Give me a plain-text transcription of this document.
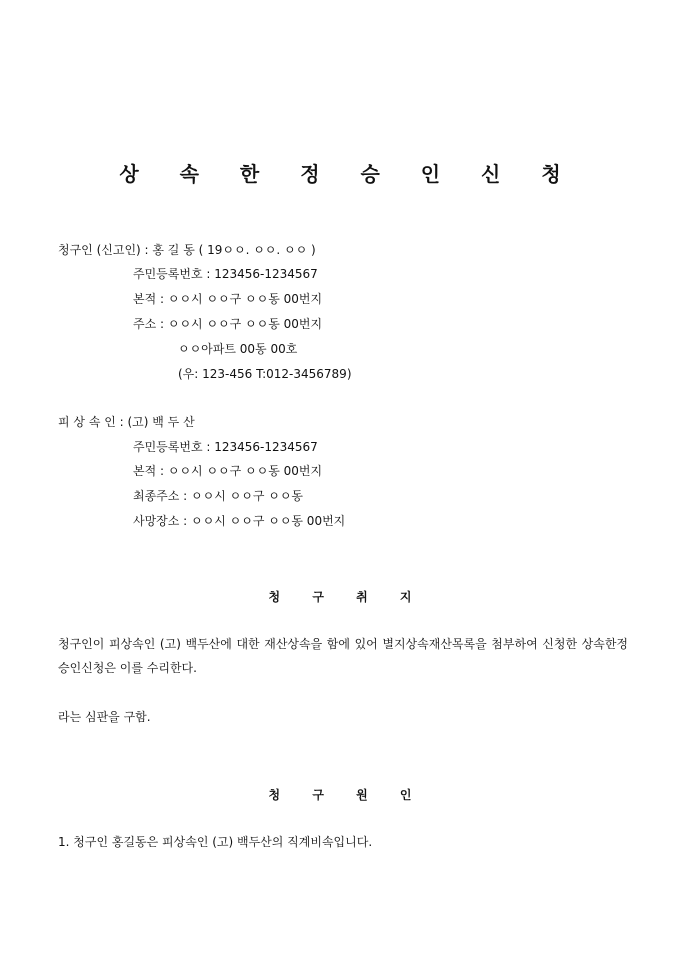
상 속 한 정 승 인 신 청
청구인 (신고인) : 홍 길 동 ( 19ㅇㅇ. ㅇㅇ. ㅇㅇ )
주민등록번호 : 123456-1234567
본적 : ㅇㅇ시 ㅇㅇ구 ㅇㅇ동 00번지
주소 : ㅇㅇ시 ㅇㅇ구 ㅇㅇ동 00번지
ㅇㅇ아파트 00동 00호
(우: 123-456 T:012-3456789)
피 상 속 인 : (고) 백 두 산
주민등록번호 : 123456-1234567
본적 : ㅇㅇ시 ㅇㅇ구 ㅇㅇ동 00번지
최종주소 : ㅇㅇ시 ㅇㅇ구 ㅇㅇ동
사망장소 : ㅇㅇ시 ㅇㅇ구 ㅇㅇ동 00번지
청 구 취 지
청구인이 피상속인 (고) 백두산에 대한 재산상속을 함에 있어 별지상속재산목록을 첨부하여 신청한 상속한정승인신청은 이를 수리한다.
라는 심판을 구함.
청 구 원 인
1. 청구인 홍길동은 피상속인 (고) 백두산의 직계비속입니다.
